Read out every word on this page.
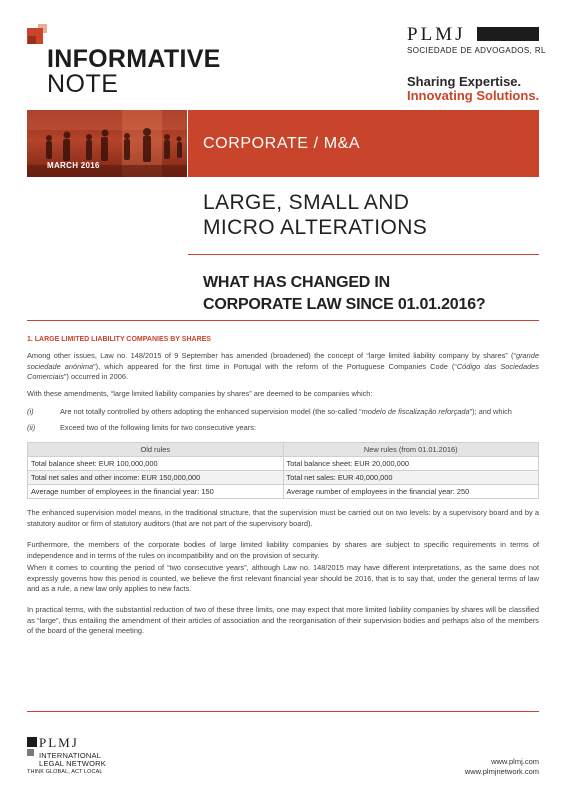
INFORMATIVE
NOTE
PLMJ
SOCIEDADE DE ADVOGADOS, RL
Sharing Expertise.
Innovating Solutions.
MARCH 2016
CORPORATE / M&A
LARGE, SMALL AND
MICRO ALTERATIONS
WHAT HAS CHANGED IN
CORPORATE LAW SINCE 01.01.2016?
1. LARGE LIMITED LIABILITY COMPANIES BY SHARES
Among other issues, Law no. 148/2015 of 9 September has amended (broadened) the concept of “large limited liability company by shares” (“grande sociedade anónima”), which appeared for the first time in Portugal with the reform of the Portuguese Companies Code (“Código das Sociedades Comerciais”) occurred in 2006.
With these amendments, “large limited liability companies by shares” are deemed to be companies which:
(i)	Are not totally controlled by others adopting the enhanced supervision model (the so-called “modelo de fiscalização reforçada”); and which
(ii)	Exceed two of the following limits for two consecutive years:
Old rules	New rules (from 01.01.2016)
Total balance sheet: EUR 100,000,000	Total balance sheet: EUR 20,000,000
Total net sales and other income: EUR 150,000,000	Total net sales: EUR 40,000,000
Average number of employees in the financial year: 150	Average number of employees in the financial year: 250
The enhanced supervision model means, in the traditional structure, that the supervision must be carried out on two levels: by a supervisory board and by a statutory auditor or firm of statutory auditors (that are not part of the supervisory board).
Furthermore, the members of the corporate bodies of large limited liability companies by shares are subject to specific requirements in terms of independence and in terms of the rules on incompatibility and on the provision of security.
When it comes to counting the period of “two consecutive years”, although Law no. 148/2015 may have different interpretations, as the same does not expressly governs how this period is counted, we believe the first relevant financial year should be 2016, that is to say that, under the general terms of law and as a rule, a new law only applies to new facts.
In practical terms, with the substantial reduction of two of these three limits, one may expect that more limited liability companies by shares will be classified as “large”, thus entailing the amendment of their articles of association and the reorganisation of their supervision bodies and perhaps also of the members of the board of the general meeting.
PLMJ
INTERNATIONAL
LEGAL NETWORK
THINK GLOBAL, ACT LOCAL
www.plmj.com
www.plmjnetwork.com
